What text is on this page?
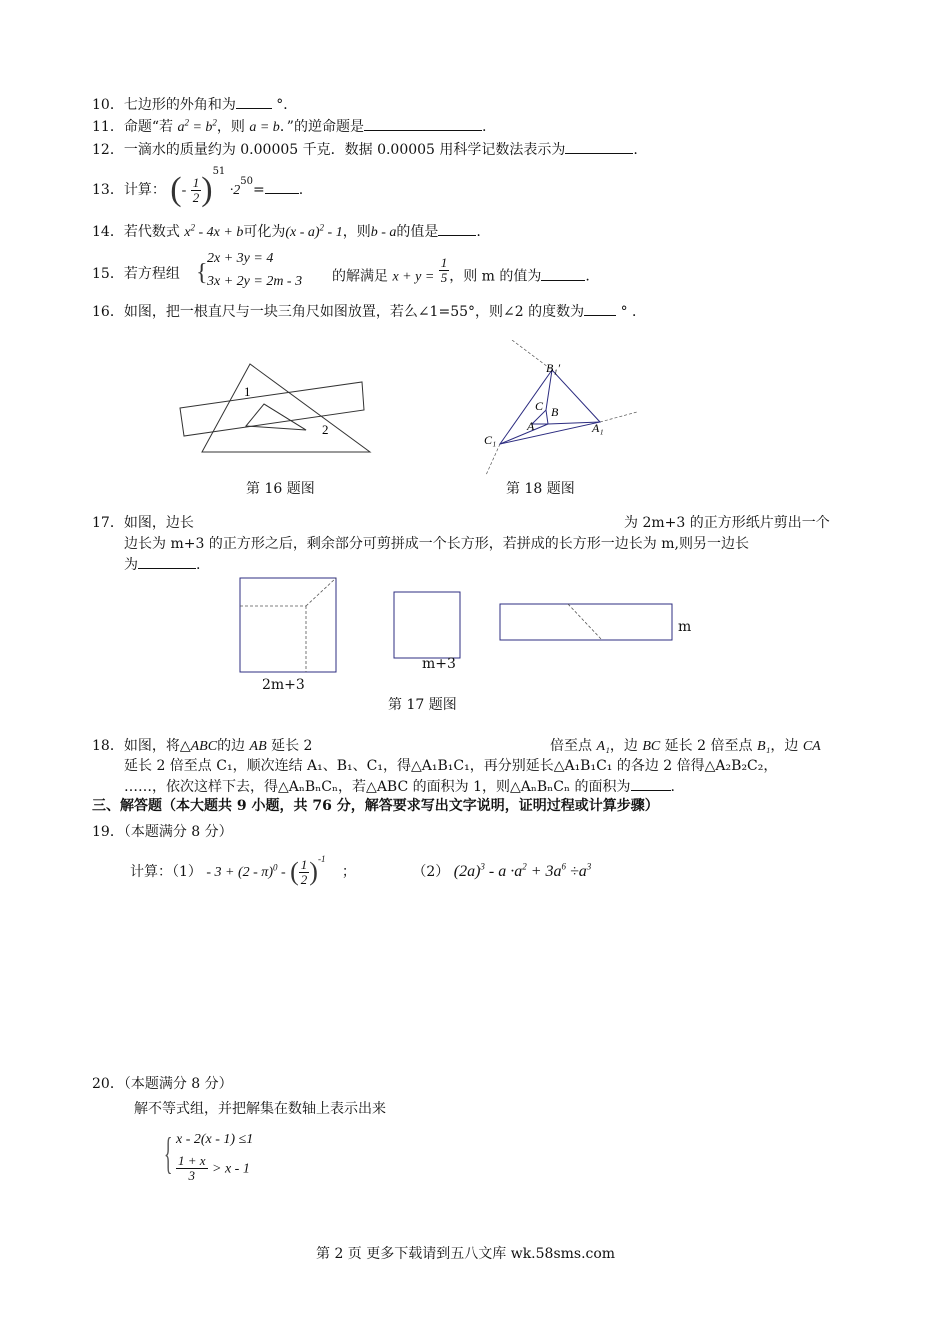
10．七边形的外角和为	°．
11．命题“若 $a^2 = b^2$，则 a = b．”的逆命题是	.
12．一滴水的质量约为 0.00005 千克．数据 0.00005 用科学记数法表示为	.
13．计算： (- $\frac{1}{2} )^{51} \cdot 2^{50}=$ .
14．若代数式 $x^2 - 4x + b$可化为(x - a)$^2$ - 1，则b - a的值是	.
15．若方程组 {
2x + 3y = 4
3x + 2y = 2m - 3 的解满足 $x + y = \frac{1}{5}$ ，则 m 的值为	.
16．如图，把一根直尺与一块三角尺如图放置，若么∠1=55°，则∠2 的度数为	° ．
1
2
第 16 题图
B₁′
C B
A
C₁
A₁
第 18 题图
17．如图，边长	为 2m+3 的正方形纸片剪出一个
边长为 m+3 的正方形之后，剩余部分可剪拼成一个长方形，若拼成的长方形一边长为 m,则另一边长
为	.
2m+3
m+3
m
第 17 题图
18．如图，将△ABC的边 AB 延长 2	倍至点 A₁，边 BC 延长 2 倍至点 B₁，边 CA
延长 2 倍至点 C₁，顺次连结 A₁、B₁、C₁，得△A₁B₁C₁，再分别延长△A₁B₁C₁ 的各边 2 倍得△A₂B₂C₂，
……，依次这样下去，得△AₙBₙCₙ，若△ABC 的面积为 1，则△AₙBₙCₙ 的面积为	.
三、解答题（本大题共 9 小题，共 76 分，解答要求写出文字说明，证明过程或计算步骤）
19．（本题满分 8 分）
计算：（1） - 3 + (2 - π)$^0$ - ( $\frac{1}{2} )^{-1}$ ；	（2） $(2a)^3 - a \cdot a^2 + 3a^6 \div a^3$
20．（本题满分 8 分）
解不等式组，并把解集在数轴上表示出来
{ x - 2(x - 1) ≤1
$\frac{1 + x}{3} > x - 1$
第 2 页 更多下载请到五八文库 wk.58sms.com
